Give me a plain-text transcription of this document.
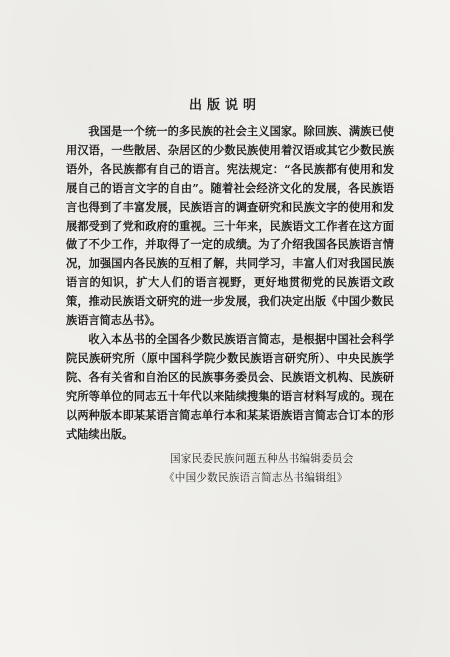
出版说明

我国是一个统一的多民族的社会主义国家。除回族、满族已使用汉语，一些散居、杂居区的少数民族使用着汉语或其它少数民族语外，各民族都有自己的语言。宪法规定：“各民族都有使用和发展自己的语言文字的自由”。随着社会经济文化的发展，各民族语言也得到了丰富发展，民族语言的调查研究和民族文字的使用和发展都受到了党和政府的重视。三十年来，民族语文工作者在这方面做了不少工作，并取得了一定的成绩。为了介绍我国各民族语言情况，加强国内各民族的互相了解，共同学习，丰富人们对我国民族语言的知识，扩大人们的语言视野，更好地贯彻党的民族语文政策，推动民族语文研究的进一步发展，我们决定出版《中国少数民族语言简志丛书》。

收入本丛书的全国各少数民族语言简志，是根据中国社会科学院民族研究所（原中国科学院少数民族语言研究所）、中央民族学院、各有关省和自治区的民族事务委员会、民族语文机构、民族研究所等单位的同志五十年代以来陆续搜集的语言材料写成的。现在以两种版本即某某语言简志单行本和某某语族语言简志合订本的形式陆续出版。

国家民委民族问题五种丛书编辑委员会
《中国少数民族语言简志丛书编辑组》
